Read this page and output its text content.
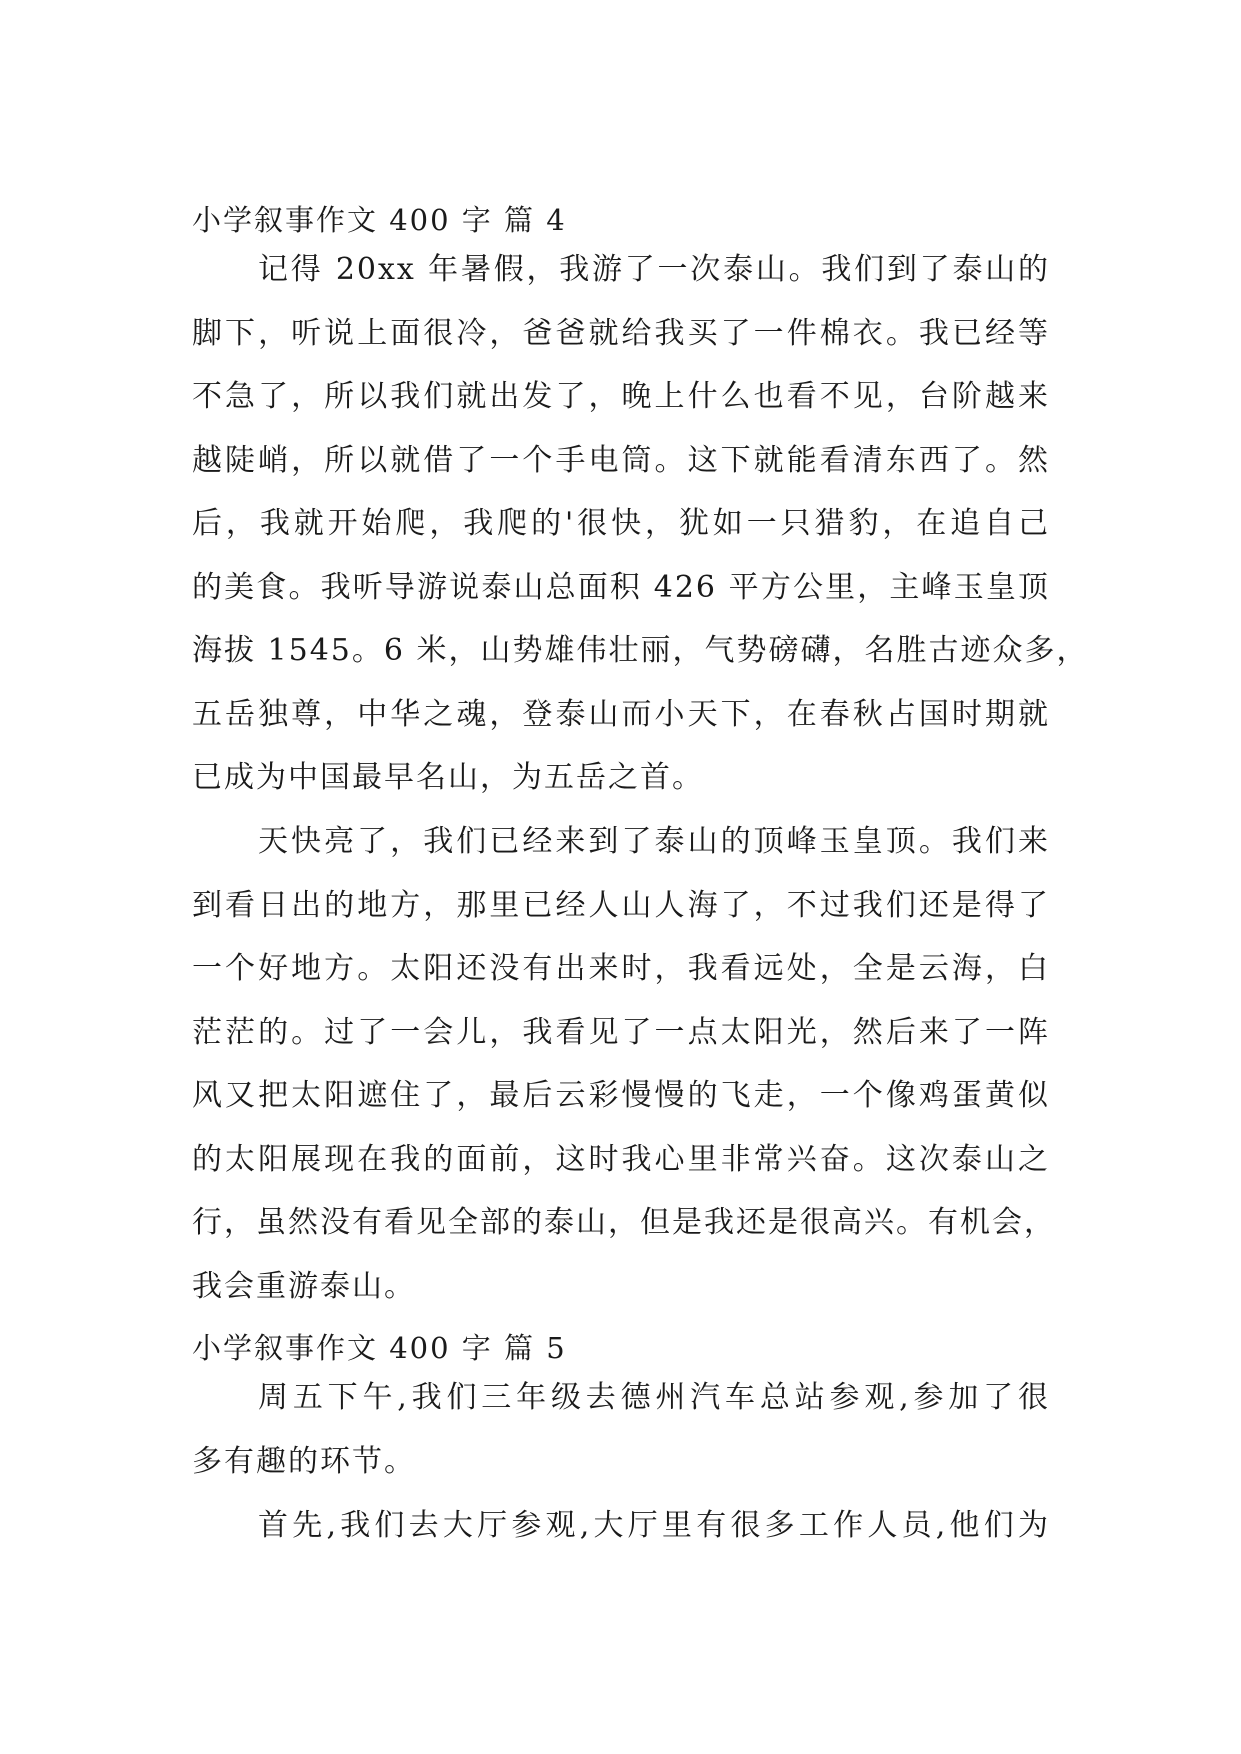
小学叙事作文 400 字 篇 4
记得 20xx 年暑假，我游了一次泰山。我们到了泰山的
脚下，听说上面很冷，爸爸就给我买了一件棉衣。我已经等
不急了，所以我们就出发了，晚上什么也看不见，台阶越来
越陡峭，所以就借了一个手电筒。这下就能看清东西了。然
后，我就开始爬，我爬的'很快，犹如一只猎豹，在追自己
的美食。我听导游说泰山总面积 426 平方公里，主峰玉皇顶
海拔 1545。6 米，山势雄伟壮丽，气势磅礴，名胜古迹众多，
五岳独尊，中华之魂，登泰山而小天下，在春秋占国时期就
已成为中国最早名山，为五岳之首。
天快亮了，我们已经来到了泰山的顶峰玉皇顶。我们来
到看日出的地方，那里已经人山人海了，不过我们还是得了
一个好地方。太阳还没有出来时，我看远处，全是云海，白
茫茫的。过了一会儿，我看见了一点太阳光，然后来了一阵
风又把太阳遮住了，最后云彩慢慢的飞走，一个像鸡蛋黄似
的太阳展现在我的面前，这时我心里非常兴奋。这次泰山之
行，虽然没有看见全部的泰山，但是我还是很高兴。有机会，
我会重游泰山。
小学叙事作文 400 字 篇 5
周五下午,我们三年级去德州汽车总站参观,参加了很
多有趣的环节。
首先,我们去大厅参观,大厅里有很多工作人员,他们为
